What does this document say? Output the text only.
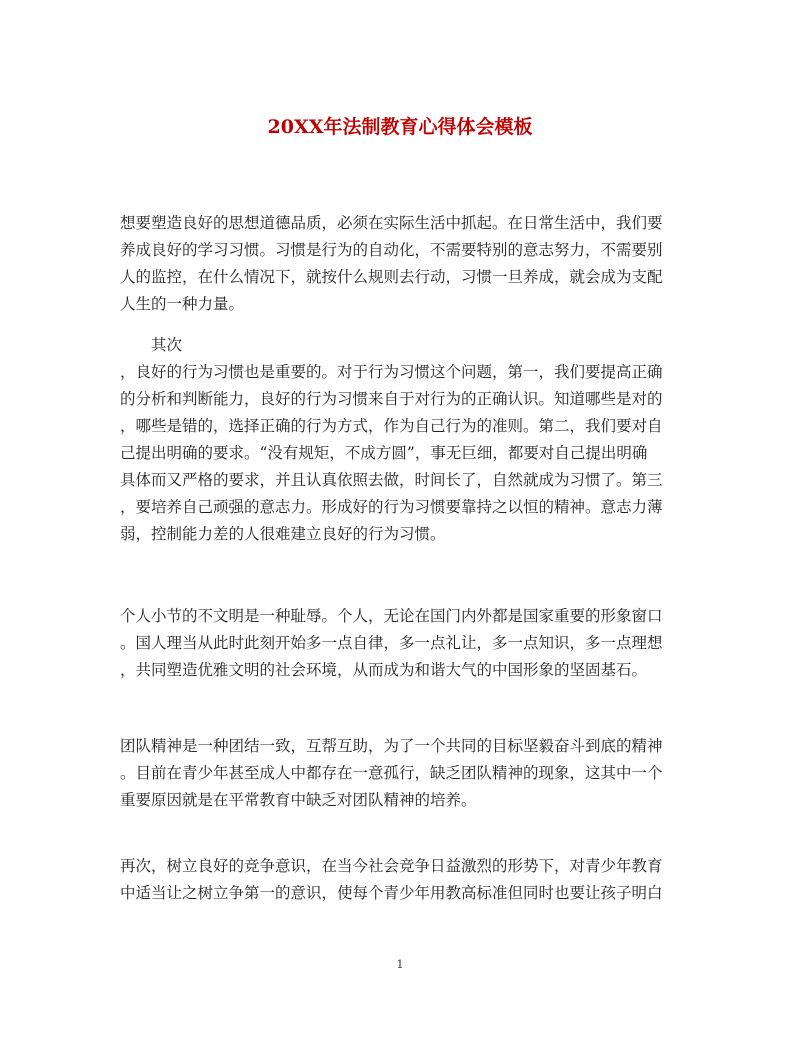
20XX年法制教育心得体会模板
想要塑造良好的思想道德品质，必须在实际生活中抓起。在日常生活中，我们要
养成良好的学习习惯。习惯是行为的自动化，不需要特别的意志努力，不需要别
人的监控，在什么情况下，就按什么规则去行动，习惯一旦养成，就会成为支配
人生的一种力量。
其次
，良好的行为习惯也是重要的。对于行为习惯这个问题，第一，我们要提高正确
的分析和判断能力，良好的行为习惯来自于对行为的正确认识。知道哪些是对的
，哪些是错的，选择正确的行为方式，作为自己行为的准则。第二，我们要对自
己提出明确的要求。“没有规矩，不成方圆”，事无巨细，都要对自己提出明确
具体而又严格的要求，并且认真依照去做，时间长了，自然就成为习惯了。第三
，要培养自己顽强的意志力。形成好的行为习惯要靠持之以恒的精神。意志力薄
弱，控制能力差的人很难建立良好的行为习惯。
个人小节的不文明是一种耻辱。个人，无论在国门内外都是国家重要的形象窗口
。国人理当从此时此刻开始多一点自律，多一点礼让，多一点知识，多一点理想
，共同塑造优雅文明的社会环境，从而成为和谐大气的中国形象的坚固基石。
团队精神是一种团结一致，互帮互助，为了一个共同的目标坚毅奋斗到底的精神
。目前在青少年甚至成人中都存在一意孤行，缺乏团队精神的现象，这其中一个
重要原因就是在平常教育中缺乏对团队精神的培养。
再次，树立良好的竞争意识，在当今社会竞争日益激烈的形势下，对青少年教育
中适当让之树立争第一的意识，使每个青少年用教高标准但同时也要让孩子明白
1
